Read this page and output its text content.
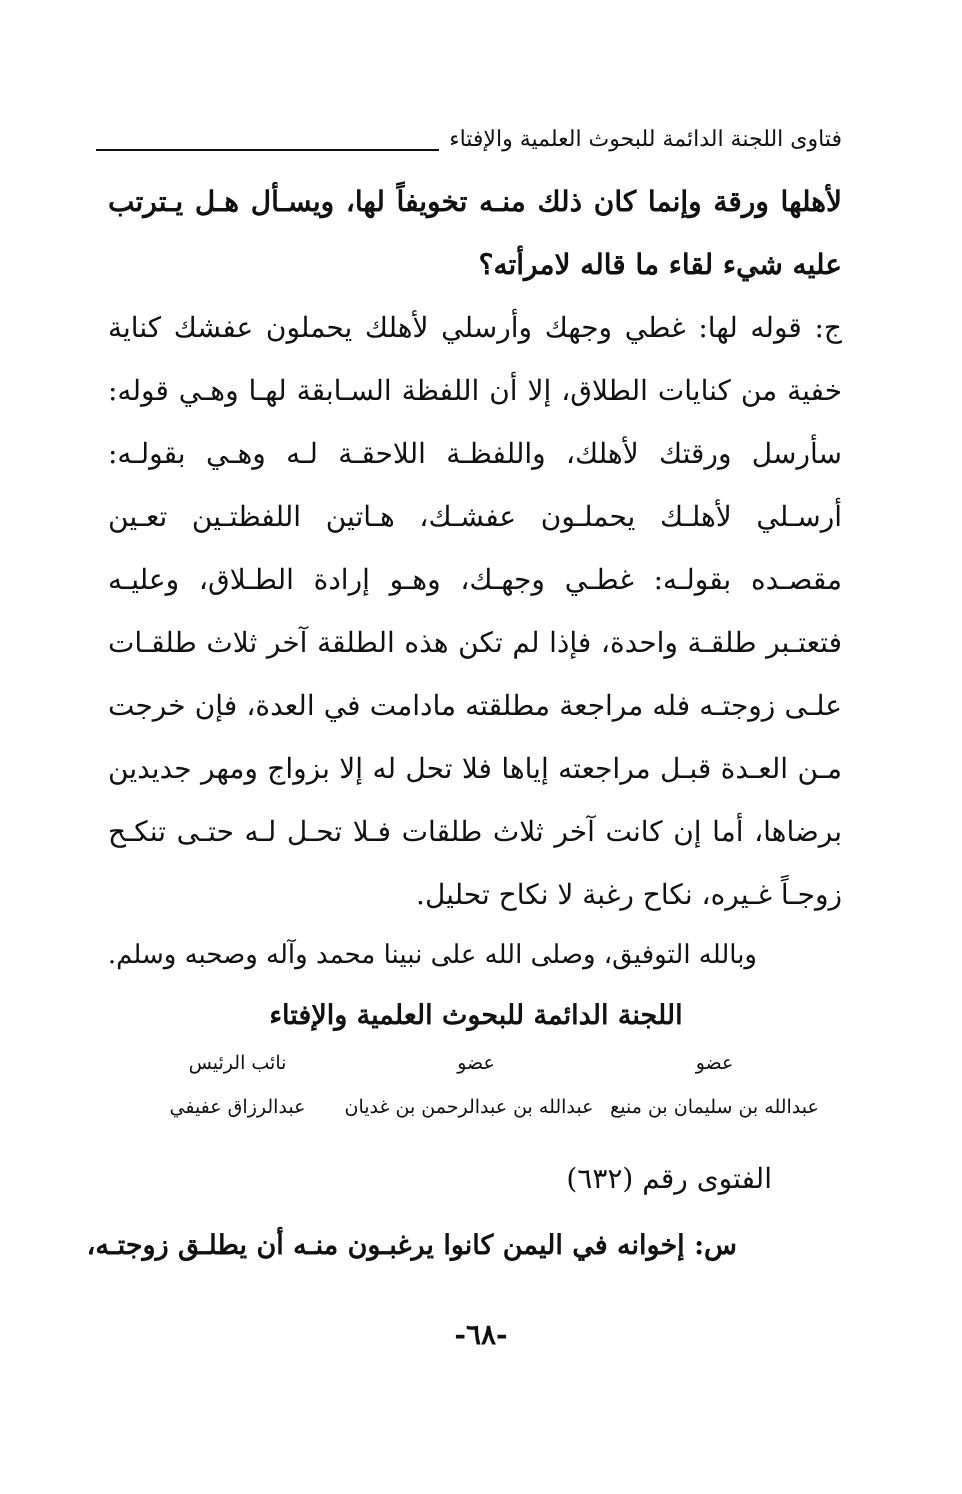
فتاوى اللجنة الدائمة للبحوث العلمية والإفتاء

لأهلها ورقة وإنما كان ذلك منـه تخويفاً لها، ويسـأل هـل يـترتب عليه شيء لقاء ما قاله لامرأته؟

ج: قوله لها: غطي وجهك وأرسلي لأهلك يحملون عفشك كناية خفية من كنايات الطلاق، إلا أن اللفظة السـابقة لهـا وهـي قوله: سأرسل ورقتك لأهلك، واللفظـة اللاحقـة لـه وهـي بقولـه: أرسـلي لأهلـك يحملـون عفشـك، هـاتين اللفظتـين تعـين مقصـده بقولـه: غطـي وجهـك، وهـو إرادة الطـلاق، وعليـه فتعتـبر طلقـة واحدة، فإذا لم تكن هذه الطلقة آخر ثلاث طلقـات علـى زوجتـه فله مراجعة مطلقته مادامت في العدة، فإن خرجت مـن العـدة قبـل مراجعته إياها فلا تحل له إلا بزواج ومهر جديدين برضاها، أما إن كانت آخر ثلاث طلقات فـلا تحـل لـه حتـى تنكـح زوجـاً غـيره، نكاح رغبة لا نكاح تحليل.

وبالله التوفيق، وصلى الله على نبينا محمد وآله وصحبه وسلم.
اللجنة الدائمة للبحوث العلمية والإفتاء
عضو
عضو
نائب الرئيس
عبدالله بن سليمان بن منيع
عبدالله بن عبدالرحمن بن غديان
عبدالرزاق عفيفي
الفتوى رقم (٦٣٢)
س: إخوانه في اليمن كانوا يرغبـون منـه أن يطلـق زوجتـه،
-٦٨-
